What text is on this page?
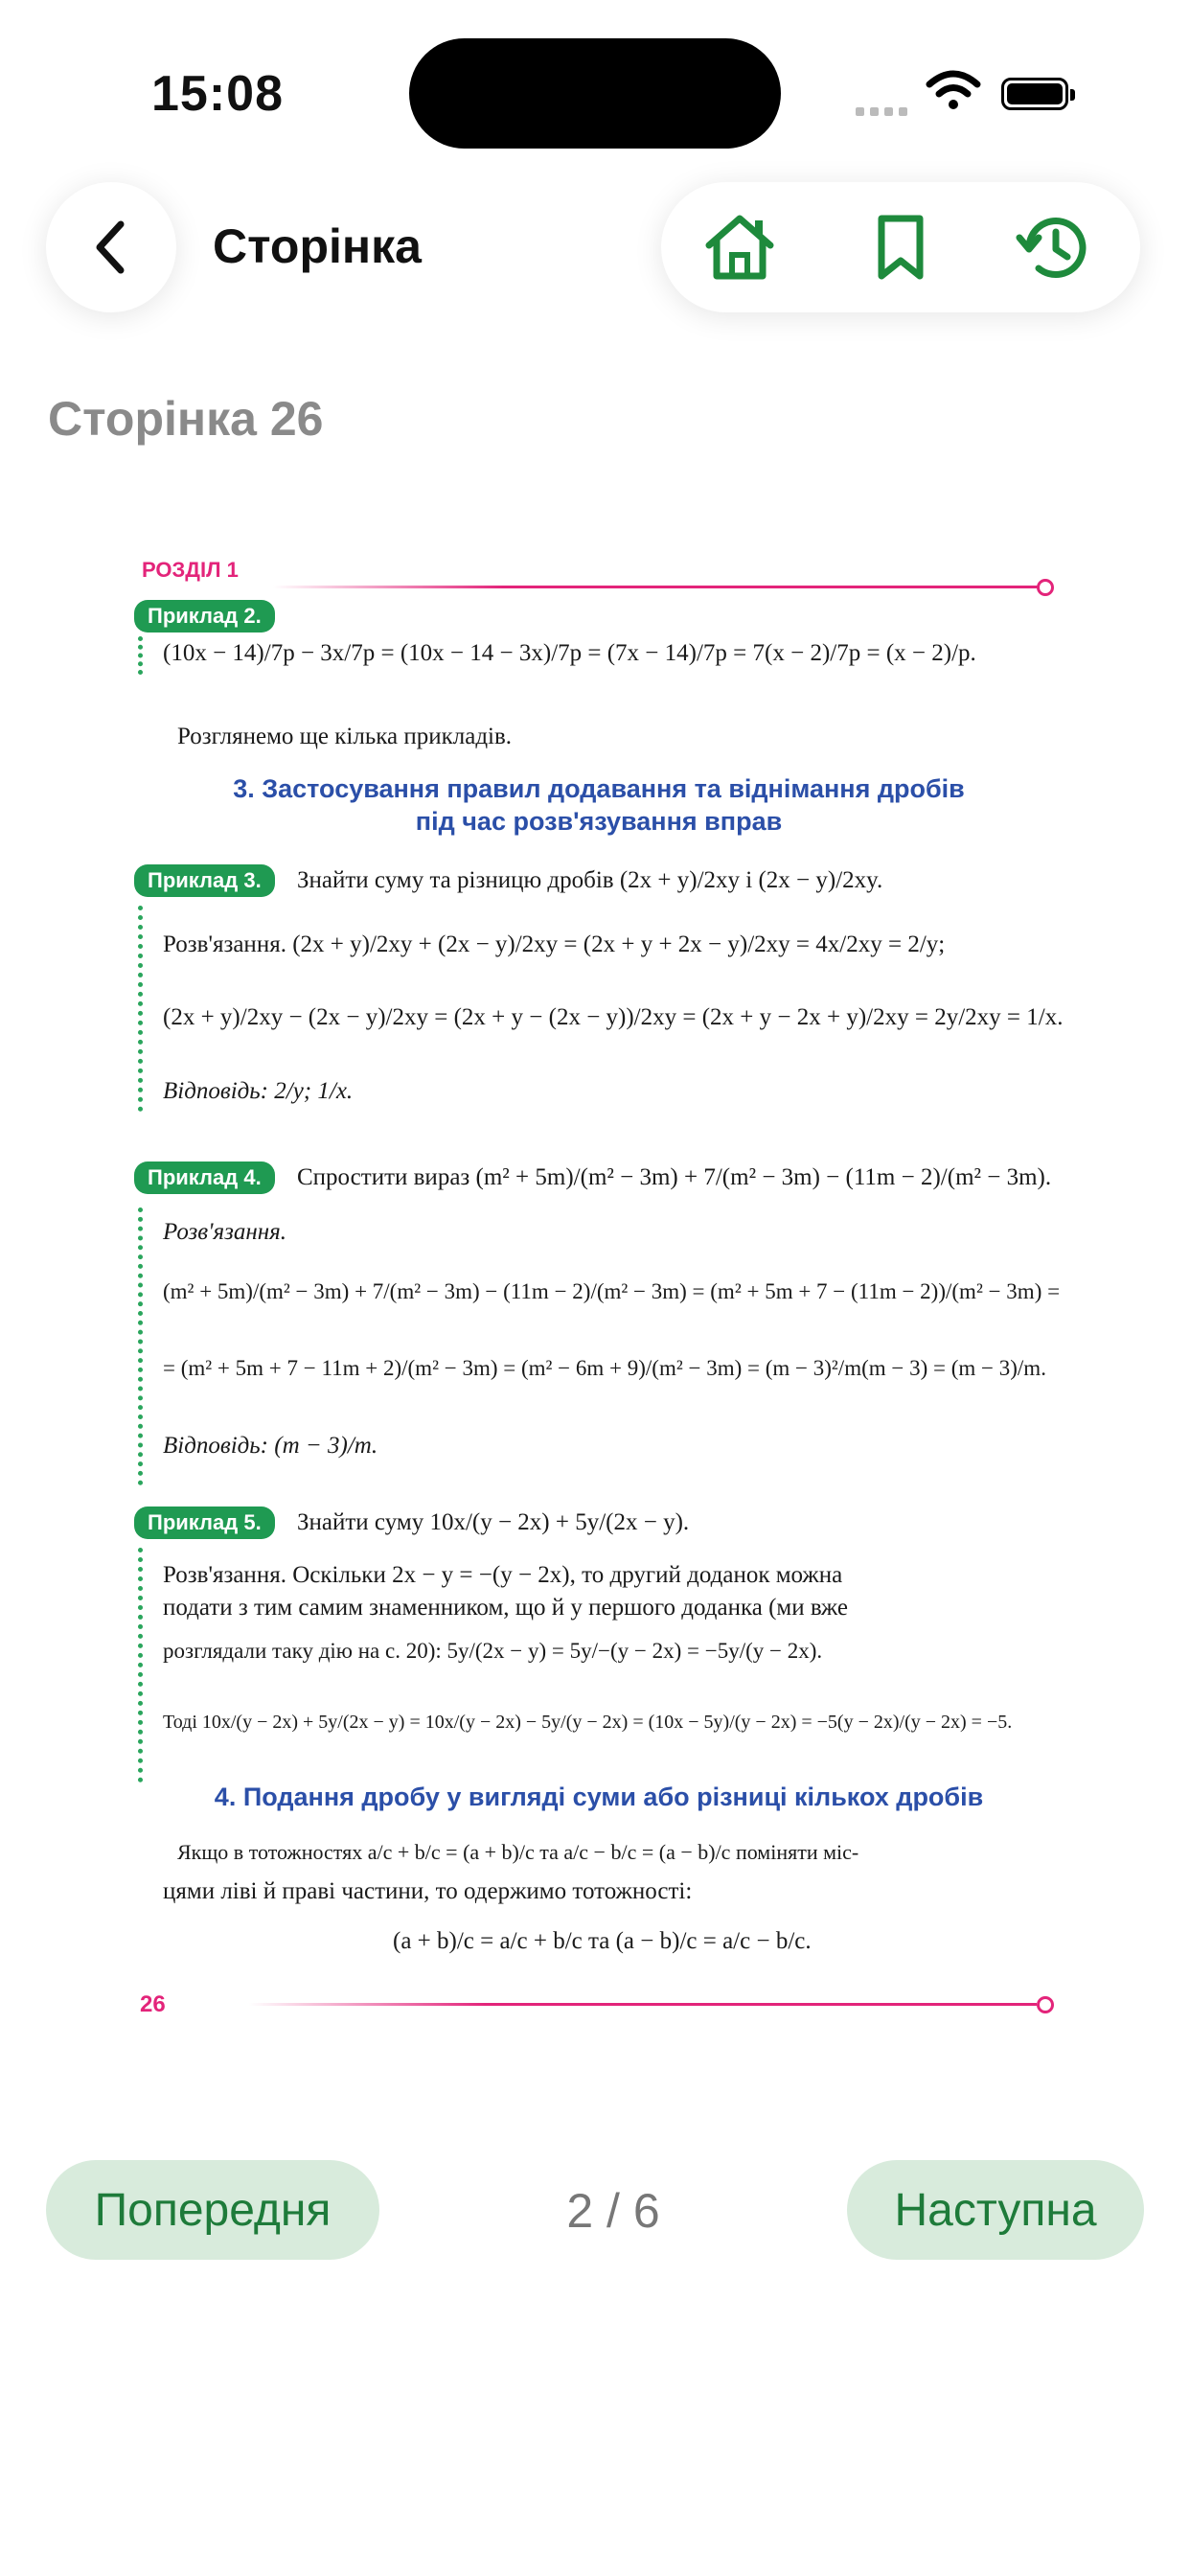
15:08
Сторінка
Сторінка 26
РОЗДІЛ 1
Приклад 2.
(10x − 14)/7p − 3x/7p = (10x − 14 − 3x)/7p = (7x − 14)/7p = 7(x − 2)/7p = (x − 2)/p.
Розглянемо ще кілька прикладів.
3. Застосування правил додавання та віднімання дробів
під час розв'язування вправ
Приклад 3.	Знайти суму та різницю дробів (2x + y)/2xy і (2x − y)/2xy.
Розв'язання. (2x + y)/2xy + (2x − y)/2xy = (2x + y + 2x − y)/2xy = 4x/2xy = 2/y;
(2x + y)/2xy − (2x − y)/2xy = (2x + y − (2x − y))/2xy = (2x + y − 2x + y)/2xy = 2y/2xy = 1/x.
Відповідь: 2/y; 1/x.
Приклад 4.	Спростити вираз (m² + 5m)/(m² − 3m) + 7/(m² − 3m) − (11m − 2)/(m² − 3m).
Розв'язання.
(m² + 5m)/(m² − 3m) + 7/(m² − 3m) − (11m − 2)/(m² − 3m) = (m² + 5m + 7 − (11m − 2))/(m² − 3m) =
= (m² + 5m + 7 − 11m + 2)/(m² − 3m) = (m² − 6m + 9)/(m² − 3m) = (m − 3)²/m(m − 3) = (m − 3)/m.
Відповідь: (m − 3)/m.
Приклад 5.	Знайти суму 10x/(y − 2x) + 5y/(2x − y).
Розв'язання. Оскільки 2x − y = −(y − 2x), то другий доданок можна
подати з тим самим знаменником, що й у першого доданка (ми вже
розглядали таку дію на с. 20): 5y/(2x − y) = 5y/−(y − 2x) = −5y/(y − 2x).
Тоді 10x/(y − 2x) + 5y/(2x − y) = 10x/(y − 2x) − 5y/(y − 2x) = (10x − 5y)/(y − 2x) = −5(y − 2x)/(y − 2x) = −5.
4. Подання дробу у вигляді суми або різниці кількох дробів
Якщо в тотожностях a/c + b/c = (a + b)/c та a/c − b/c = (a − b)/c поміняти міс-
цями ліві й праві частини, то одержимо тотожності:
(a + b)/c = a/c + b/c та (a − b)/c = a/c − b/c.
26
Попередня	2 / 6	Наступна
